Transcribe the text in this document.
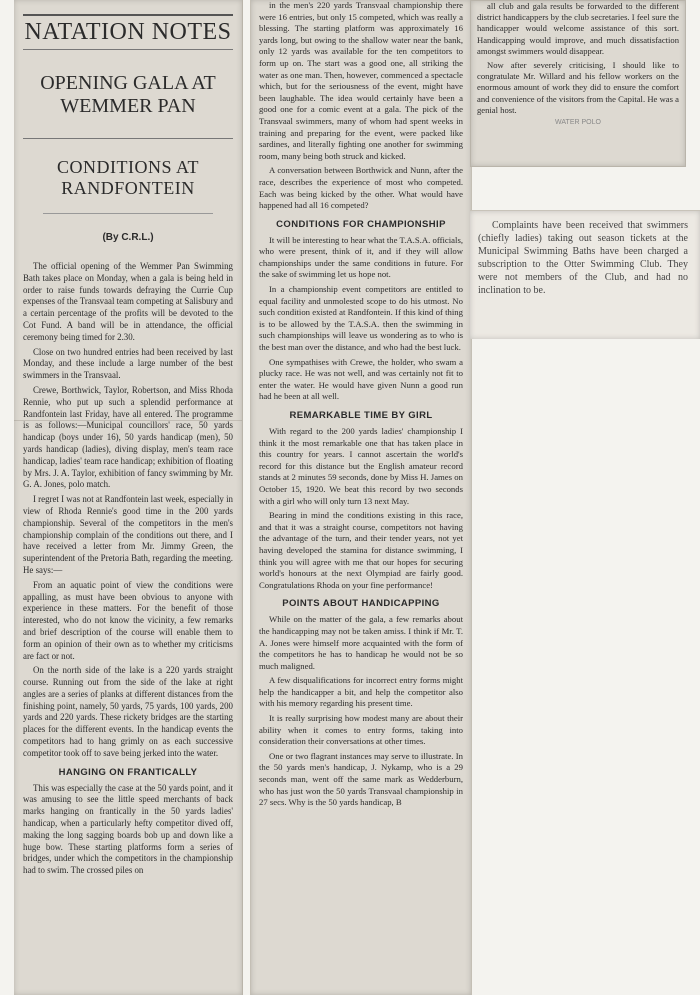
NATATION NOTES
OPENING GALA AT WEMMER PAN
CONDITIONS AT RANDFONTEIN
(By C.R.L.)

The official opening of the Wemmer Pan Swimming Bath takes place on Monday, when a gala is being held in order to raise funds towards defraying the Currie Cup expenses of the Transvaal team competing at Salisbury and a certain percentage of the profits will be devoted to the Cot Fund. A band will be in attendance, the official ceremony being timed for 2.30.

Close on two hundred entries had been received by last Monday, and these include a large number of the best swimmers in the Transvaal.

Crewe, Borthwick, Taylor, Robertson, and Miss Rhoda Rennie, who put up such a splendid performance at Randfontein last Friday, have all entered. The programme is as follows:—Municipal councillors' race, 50 yards handicap (boys under 16), 50 yards handicap (men), 50 yards handicap (ladies), diving display, men's team race handicap, ladies' team race handicap; exhibition of floating by Mrs. J. A. Taylor, exhibition of fancy swimming by Mr. G. A. Jones, polo match.

I regret I was not at Randfontein last week, especially in view of Rhoda Rennie's good time in the 200 yards championship. Several of the competitors in the men's championship complain of the conditions out there, and I have received a letter from Mr. Jimmy Green, the superintendent of the Pretoria Bath, regarding the meeting. He says:—

From an aquatic point of view the conditions were appalling, as must have been obvious to anyone with experience in these matters. For the benefit of those interested, who do not know the vicinity, a few remarks and brief description of the course will enable them to form an opinion of their own as to whether my criticisms are fact or not.

On the north side of the lake is a 220 yards straight course. Running out from the side of the lake at right angles are a series of planks at different distances from the finishing point, namely, 50 yards, 75 yards, 100 yards, 200 yards and 220 yards. These rickety bridges are the starting places for the different events. In the handicap events the competitors had to hang grimly on as each successive competitor took off to save being jerked into the water.

HANGING ON FRANTICALLY

This was especially the case at the 50 yards point, and it was amusing to see the little speed merchants of back marks hanging on frantically in the 50 yards ladies' handicap, when a particularly hefty competitor dived off, making the long sagging boards bob up and down like a huge bow. These starting platforms form a series of bridges, under which the competitors in the championship had to swim. The crossed piles on

in the men's 220 yards Transvaal championship there were 16 entries, but only 15 competed, which was really a blessing. The starting platform was approximately 16 yards long, but owing to the shallow water near the bank, only 12 yards was available for the ten competitors to form up on. The start was a good one, all striking the water as one man. Then, however, commenced a spectacle which, but for the seriousness of the event, might have been laughable. The idea would certainly have been a good one for a comic event at a gala. The pick of the Transvaal swimmers, many of whom had spent weeks in training and preparing for the event, were packed like sardines, and literally fighting one another for swimming room, many being both struck and kicked.

A conversation between Borthwick and Nunn, after the race, describes the experience of most who competed. Each was being kicked by the other. What would have happened had all 16 competed?

CONDITIONS FOR CHAMPIONSHIP

It will be interesting to hear what the T.A.S.A. officials, who were present, think of it, and if they will allow championships under the same conditions in future. For the sake of swimming let us hope not.

In a championship event competitors are entitled to equal facility and unmolested scope to do his utmost. No such condition existed at Randfontein. If this kind of thing is to be allowed by the T.A.S.A. then the swimming in such championships will leave us wondering as to who is the best man over the distance, and who had the best luck.

One sympathises with Crewe, the holder, who swam a plucky race. He was not well, and was certainly not fit to enter the water. He would have given Nunn a good run had he been at all well.

REMARKABLE TIME BY GIRL

With regard to the 200 yards ladies' championship I think it the most remarkable one that has taken place in this country for years. I cannot ascertain the world's record for this distance but the English amateur record stands at 2 minutes 59 seconds, done by Miss H. James on October 15, 1920. We beat this record by two seconds with a girl who will only turn 13 next May.

Bearing in mind the conditions existing in this race, and that it was a straight course, competitors not having the advantage of the turn, and their tender years, not yet having developed the stamina for distance swimming, I think you will agree with me that our hopes for securing world's honours at the next Olympiad are fairly good. Congratulations Rhoda on your fine performance!

POINTS ABOUT HANDICAPPING

While on the matter of the gala, a few remarks about the handicapping may not be taken amiss. I think if Mr. T. A. Jones were himself more acquainted with the form of the competitors he has to handicap he would not be so much maligned.

A few disqualifications for incorrect entry forms might help the handicapper a bit, and help the competitor also with his memory regarding his present time.

It is really surprising how modest many are about their ability when it comes to entry forms, taking into consideration their conversations at other times.

One or two flagrant instances may serve to illustrate. In the 50 yards men's handicap, J. Nykamp, who is a 29 seconds man, went off the same mark as Wedderburn, who has just won the 50 yards Transvaal championship in 27 secs. Why is the 50 yards handicap, B

all club and gala results be forwarded to the different district handicappers by the club secretaries. I feel sure the handicapper would welcome assistance of this sort. Handicapping would improve, and much dissatisfaction amongst swimmers would disappear.

Now after severely criticising, I should like to congratulate Mr. Willard and his fellow workers on the enormous amount of work they did to ensure the comfort and convenience of the visitors from the Capital. He was a genial host.

WATER POLO

Complaints have been received that swimmers (chiefly ladies) taking out season tickets at the Municipal Swimming Baths have been charged a subscription to the Otter Swimming Club. They were not members of the Club, and had no inclination to be.
